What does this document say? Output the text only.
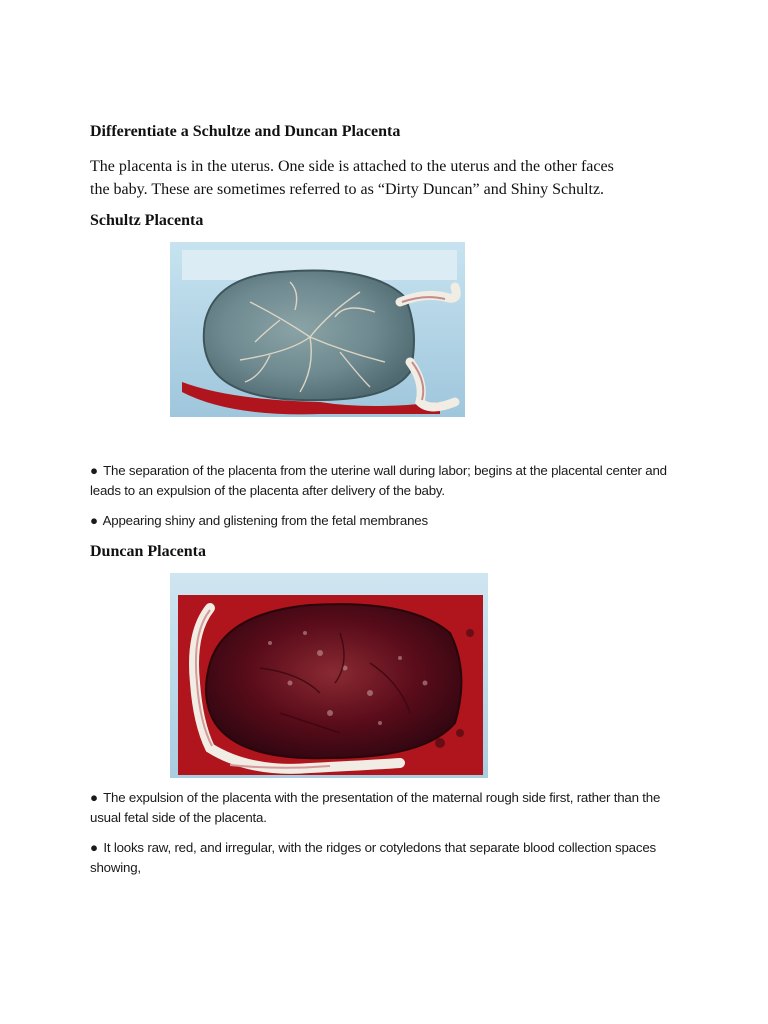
Differentiate a Schultze and Duncan Placenta

The placenta is in the uterus. One side is attached to the uterus and the other faces
the baby. These are sometimes referred to as “Dirty Duncan” and Shiny Schultz.

Schultz Placenta

● The separation of the placenta from the uterine wall during labor; begins at the placental center and leads to an expulsion of the placenta after delivery of the baby.

● Appearing shiny and glistening from the fetal membranes

Duncan Placenta

● The expulsion of the placenta with the presentation of the maternal rough side first, rather than the usual fetal side of the placenta.

● It looks raw, red, and irregular, with the ridges or cotyledons that separate blood collection spaces showing,
